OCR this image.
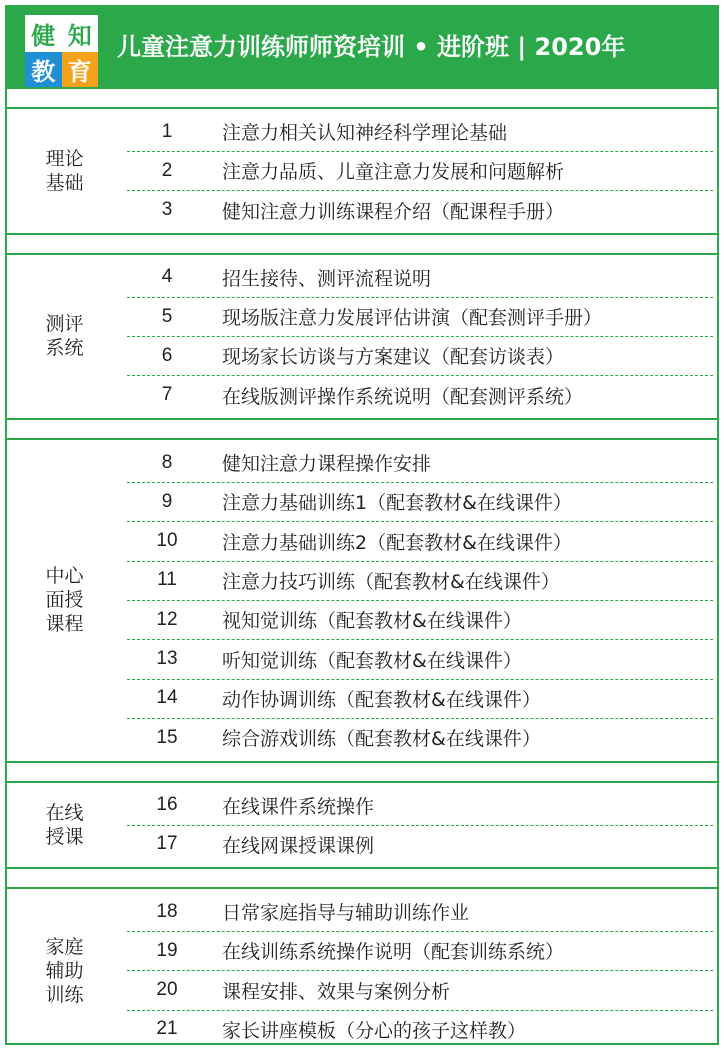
健 知
教 育
儿童注意力训练师师资培训 • 进阶班 | 2020年
理论
基础
1	注意力相关认知神经科学理论基础
2	注意力品质、儿童注意力发展和问题解析
3	健知注意力训练课程介绍（配课程手册）
测评
系统
4	招生接待、测评流程说明
5	现场版注意力发展评估讲演（配套测评手册）
6	现场家长访谈与方案建议（配套访谈表）
7	在线版测评操作系统说明（配套测评系统）
中心
面授
课程
8	健知注意力课程操作安排
9	注意力基础训练1（配套教材&在线课件）
10	注意力基础训练2（配套教材&在线课件）
11	注意力技巧训练（配套教材&在线课件）
12	视知觉训练（配套教材&在线课件）
13	听知觉训练（配套教材&在线课件）
14	动作协调训练（配套教材&在线课件）
15	综合游戏训练（配套教材&在线课件）
在线
授课
16	在线课件系统操作
17	在线网课授课课例
家庭
辅助
训练
18	日常家庭指导与辅助训练作业
19	在线训练系统操作说明（配套训练系统）
20	课程安排、效果与案例分析
21	家长讲座模板（分心的孩子这样教）
